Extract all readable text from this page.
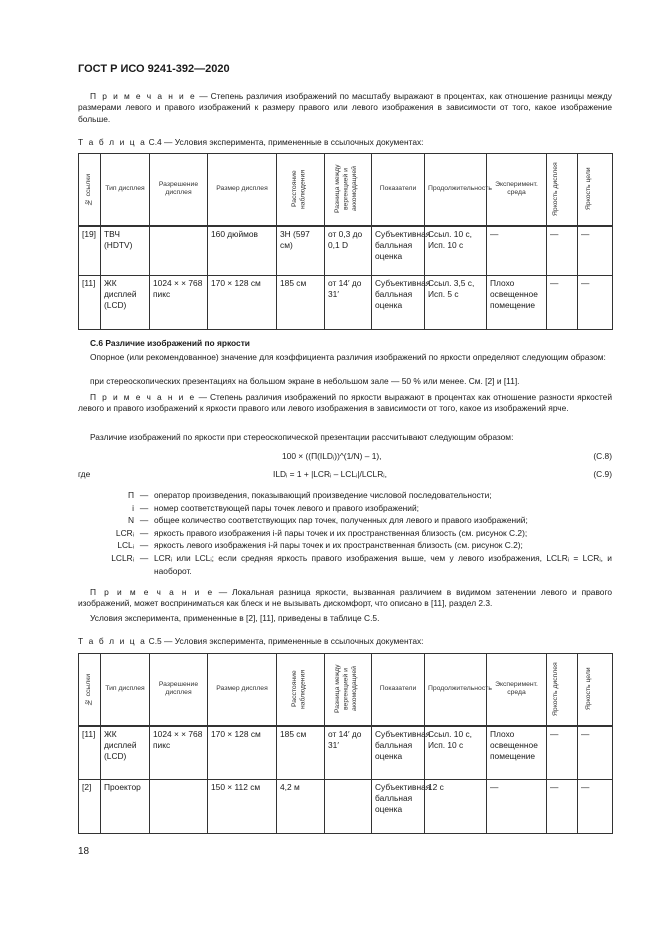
ГОСТ Р ИСО 9241-392—2020
П р и м е ч а н и е — Степень различия изображений по масштабу выражают в процентах, как отношение разницы между размерами левого и правого изображений к размеру правого или левого изображения в зависимости от того, какое изображение больше.
Т а б л и ц а С.4 — Условия эксперимента, примененные в ссылочных документах:
№ ссылки	Тип дисплея	Разрешение дисплея	Размер дисплея	Расстояние наблюдения	Разница между вергенцией и аккомодацией	Показатели	Продолжительность	Эксперимент. среда	Яркость дисплея	Яркость цели

[19]	ТВЧ (HDTV)		160 дюймов	3H (597 см)	от 0,3 до 0,1 D	Субъективная балльная оценка	Ссыл. 10 с, Исп. 10 с	—	—	—
[11]	ЖК дисплей (LCD)	1024 × × 768 пикс	170 × 128 см	185 см	от 14′ до 31′	Субъективная балльная оценка	Ссыл. 3,5 с, Исп. 5 с	Плохо освещенное помещение	—	—
С.6 Различие изображений по яркости
Опорное (или рекомендованное) значение для коэффициента различия изображений по яркости определяют следующим образом:
при стереоскопических презентациях на большом экране в небольшом зале — 50 % или менее. См. [2] и [11].
П р и м е ч а н и е — Степень различия изображений по яркости выражают в процентах как отношение разности яркостей левого и правого изображений к яркости правого или левого изображения в зависимости от того, какое из изображений ярче.
Различие изображений по яркости при стереоскопической презентации рассчитывают следующим образом:
100 × ((Π(ILDᵢ))^(1/N) – 1),	(C.8)
где	ILDᵢ = 1 + |LCRᵢ – LCLᵢ|/LCLRᵢ,	(C.9)
Π — оператор произведения, показывающий произведение числовой последовательности;
i — номер соответствующей пары точек левого и правого изображений;
N — общее количество соответствующих пар точек, полученных для левого и правого изображений;
LCRᵢ — яркость правого изображения i-й пары точек и их пространственная близость (см. рисунок С.2);
LCLᵢ — яркость левого изображения i-й пары точек и их пространственная близость (см. рисунок С.2);
LCLRᵢ — LCRᵢ или LCLᵢ; если средняя яркость правого изображения выше, чем у левого изображения, LCLRᵢ = LCRᵢ, и наоборот.
П р и м е ч а н и е — Локальная разница яркости, вызванная различием в видимом затенении левого и правого изображений, может восприниматься как блеск и не вызывать дискомфорт, что описано в [11], раздел 2.3.
Условия эксперимента, примененные в [2], [11], приведены в таблице С.5.
Т а б л и ц а С.5 — Условия эксперимента, примененные в ссылочных документах:
№ ссылки	Тип дисплея	Разрешение дисплея	Размер дисплея	Расстояние наблюдения	Разница между вергенцией и аккомодацией	Показатели	Продолжительность	Эксперимент. среда	Яркость дисплея	Яркость цели

[11]	ЖК дисплей (LCD)	1024 × × 768 пикс	170 × 128 см	185 см	от 14′ до 31′	Субъективная балльная оценка	Ссыл. 10 с, Исп. 10 с	Плохо освещенное помещение	—	—
[2]	Проектор		150 × 112 см	4,2 м		Субъективная балльная оценка	12 с	—	—	—
18
